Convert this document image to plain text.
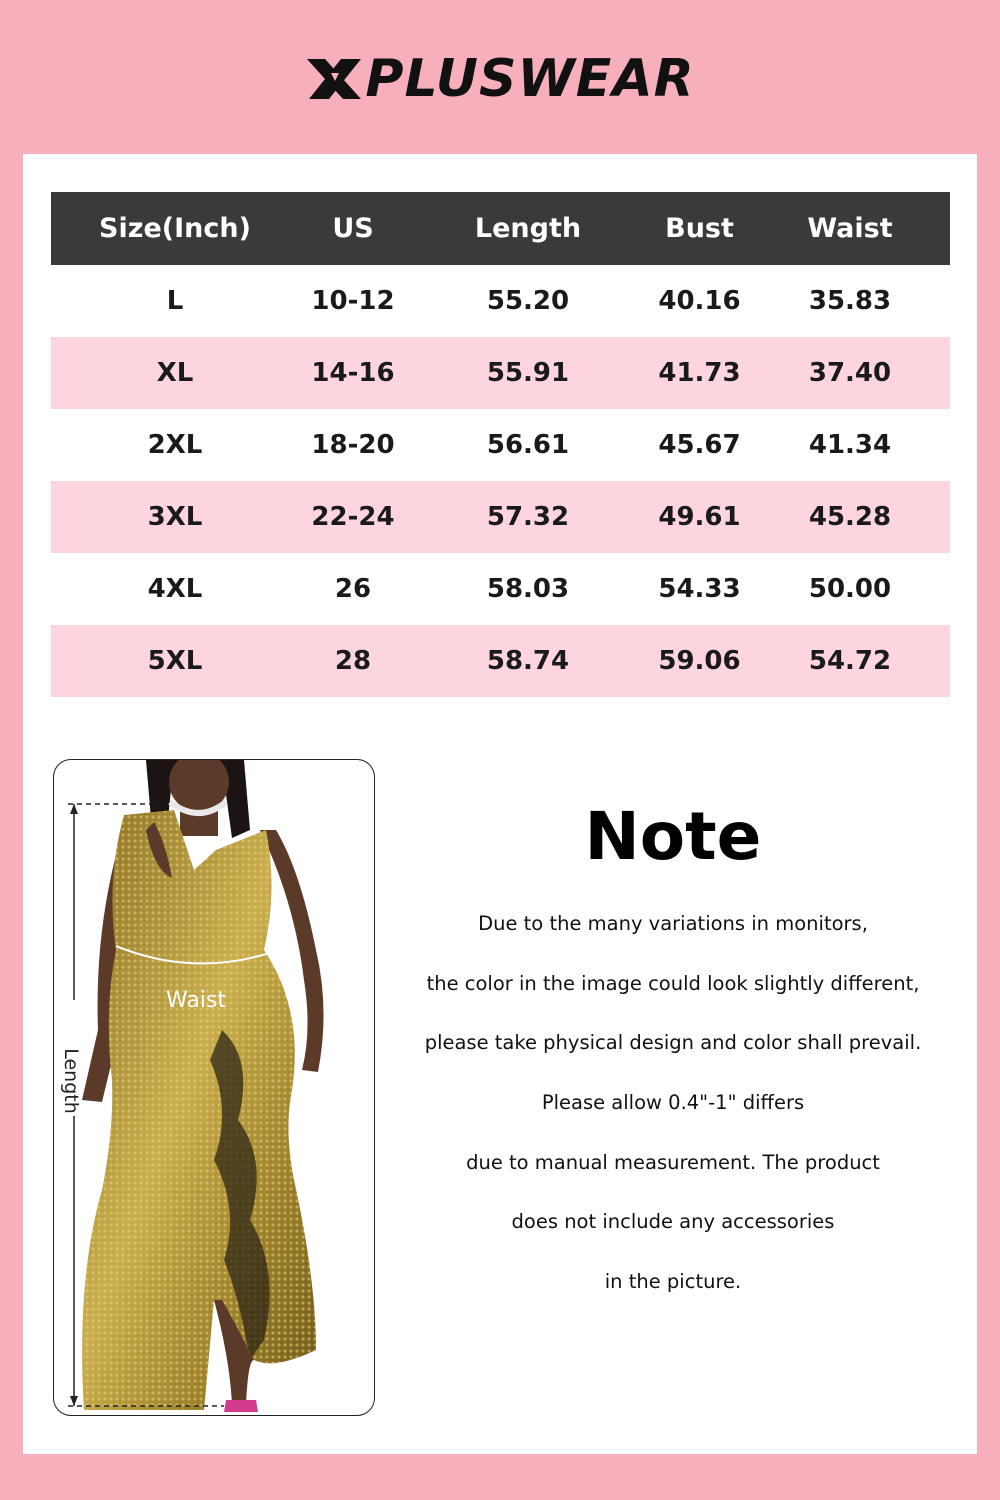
PLUSWEAR
Size(Inch)	US	Length	Bust	Waist
L	10-12	55.20	40.16	35.83
XL	14-16	55.91	41.73	37.40
2XL	18-20	56.61	45.67	41.34
3XL	22-24	57.32	49.61	45.28
4XL	26	58.03	54.33	50.00
5XL	28	58.74	59.06	54.72
Waist
Length
Note
Due to the many variations in monitors,
the color in the image could look slightly different,
please take physical design and color shall prevail.
Please allow 0.4"-1" differs
due to manual measurement. The product
does not include any accessories
in the picture.
